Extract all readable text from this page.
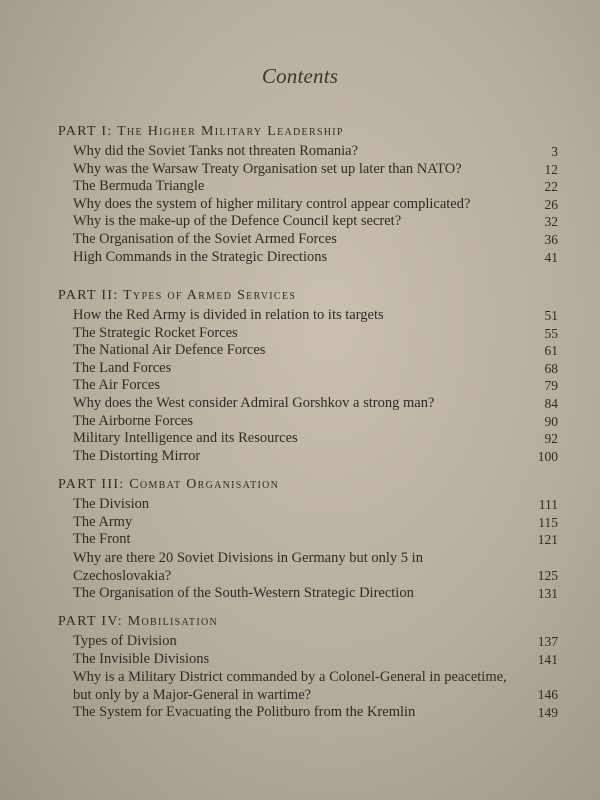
Contents
PART I: The Higher Military Leadership
Why did the Soviet Tanks not threaten Romania?	3
Why was the Warsaw Treaty Organisation set up later than NATO?	12
The Bermuda Triangle	22
Why does the system of higher military control appear complicated?	26
Why is the make-up of the Defence Council kept secret?	32
The Organisation of the Soviet Armed Forces	36
High Commands in the Strategic Directions	41
PART II: Types of Armed Services
How the Red Army is divided in relation to its targets	51
The Strategic Rocket Forces	55
The National Air Defence Forces	61
The Land Forces	68
The Air Forces	79
Why does the West consider Admiral Gorshkov a strong man?	84
The Airborne Forces	90
Military Intelligence and its Resources	92
The Distorting Mirror	100
PART III: Combat Organisation
The Division	111
The Army	115
The Front	121
Why are there 20 Soviet Divisions in Germany but only 5 in Czechoslovakia?	125
The Organisation of the South-Western Strategic Direction	131
PART IV: Mobilisation
Types of Division	137
The Invisible Divisions	141
Why is a Military District commanded by a Colonel-General in peacetime, but only by a Major-General in wartime?	146
The System for Evacuating the Politburo from the Kremlin	149
